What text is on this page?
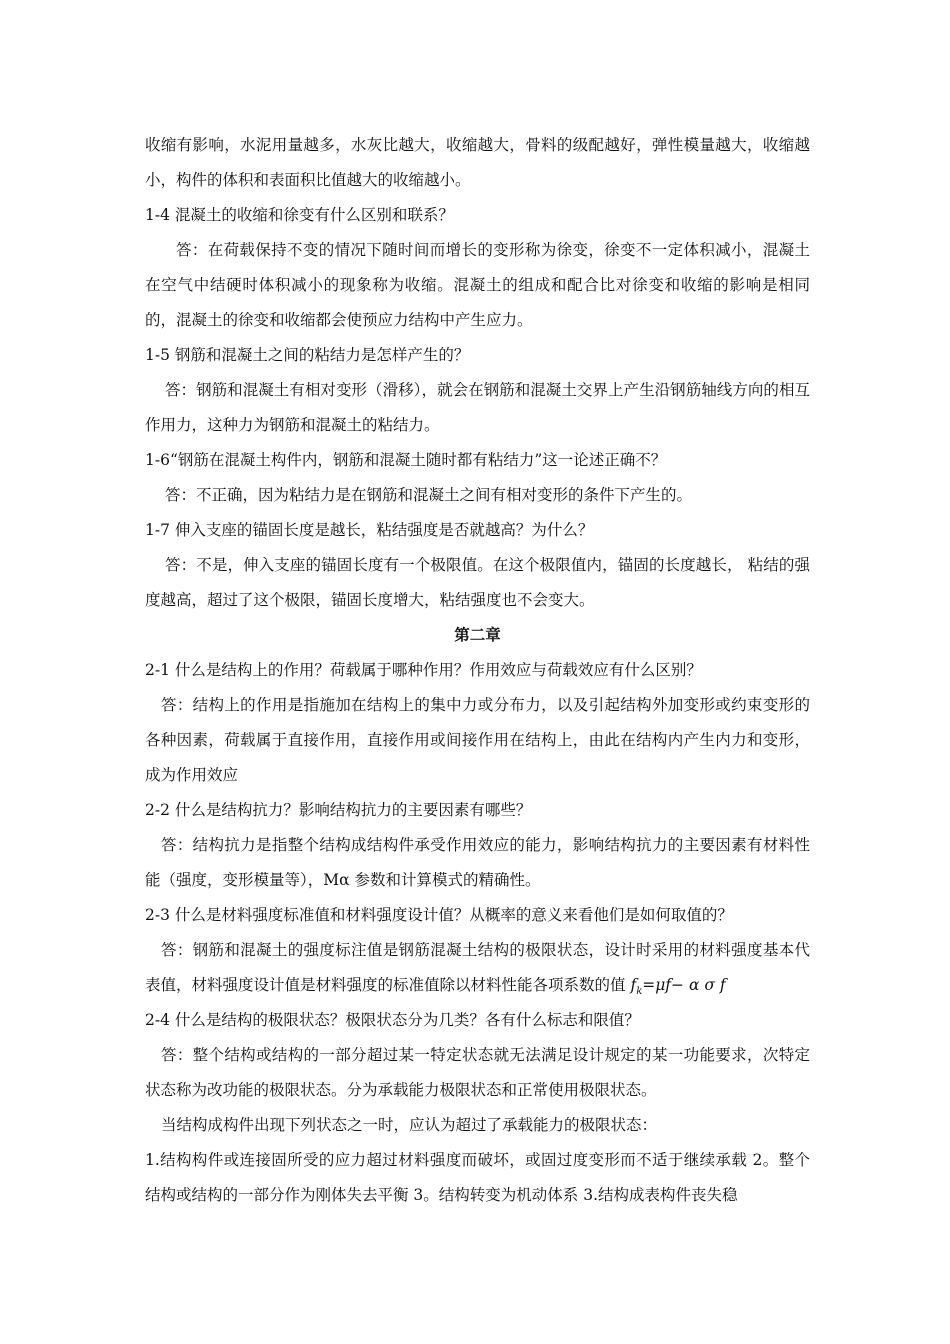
收缩有影响，水泥用量越多，水灰比越大，收缩越大，骨料的级配越好，弹性模量越大，收缩越小，构件的体积和表面积比值越大的收缩越小。

1-4 混凝土的收缩和徐变有什么区别和联系？

答：在荷载保持不变的情况下随时间而增长的变形称为徐变，徐变不一定体积减小，混凝土在空气中结硬时体积减小的现象称为收缩。混凝土的组成和配合比对徐变和收缩的影响是相同的，混凝土的徐变和收缩都会使预应力结构中产生应力。

1-5 钢筋和混凝土之间的粘结力是怎样产生的？

答：钢筋和混凝土有相对变形（滑移），就会在钢筋和混凝土交界上产生沿钢筋轴线方向的相互作用力，这种力为钢筋和混凝土的粘结力。

1-6“钢筋在混凝土构件内，钢筋和混凝土随时都有粘结力”这一论述正确不？

答：不正确，因为粘结力是在钢筋和混凝土之间有相对变形的条件下产生的。

1-7 伸入支座的锚固长度是越长，粘结强度是否就越高？为什么？

答：不是，伸入支座的锚固长度有一个极限值。在这个极限值内，锚固的长度越长， 粘结的强度越高，超过了这个极限，锚固长度增大，粘结强度也不会变大。

第二章

2-1 什么是结构上的作用？荷载属于哪种作用？作用效应与荷载效应有什么区别？

答：结构上的作用是指施加在结构上的集中力或分布力，以及引起结构外加变形或约束变形的各种因素，荷载属于直接作用，直接作用或间接作用在结构上，由此在结构内产生内力和变形，成为作用效应

2-2 什么是结构抗力？影响结构抗力的主要因素有哪些？

答：结构抗力是指整个结构成结构件承受作用效应的能力，影响结构抗力的主要因素有材料性能（强度，变形模量等），Mα 参数和计算模式的精确性。

2-3 什么是材料强度标准值和材料强度设计值？从概率的意义来看他们是如何取值的？

答：钢筋和混凝土的强度标注值是钢筋混凝土结构的极限状态，设计时采用的材料强度基本代表值，材料强度设计值是材料强度的标准值除以材料性能各项系数的值 $f_k=\mu f- \alpha$ σ f

2-4 什么是结构的极限状态？极限状态分为几类？各有什么标志和限值？

答：整个结构或结构的一部分超过某一特定状态就无法满足设计规定的某一功能要求，次特定状态称为改功能的极限状态。分为承载能力极限状态和正常使用极限状态。

当结构成构件出现下列状态之一时，应认为超过了承载能力的极限状态：

1.结构构件或连接固所受的应力超过材料强度而破坏，或固过度变形而不适于继续承载 2。整个结构或结构的一部分作为刚体失去平衡 3。结构转变为机动体系 3.结构成表构件丧失稳
